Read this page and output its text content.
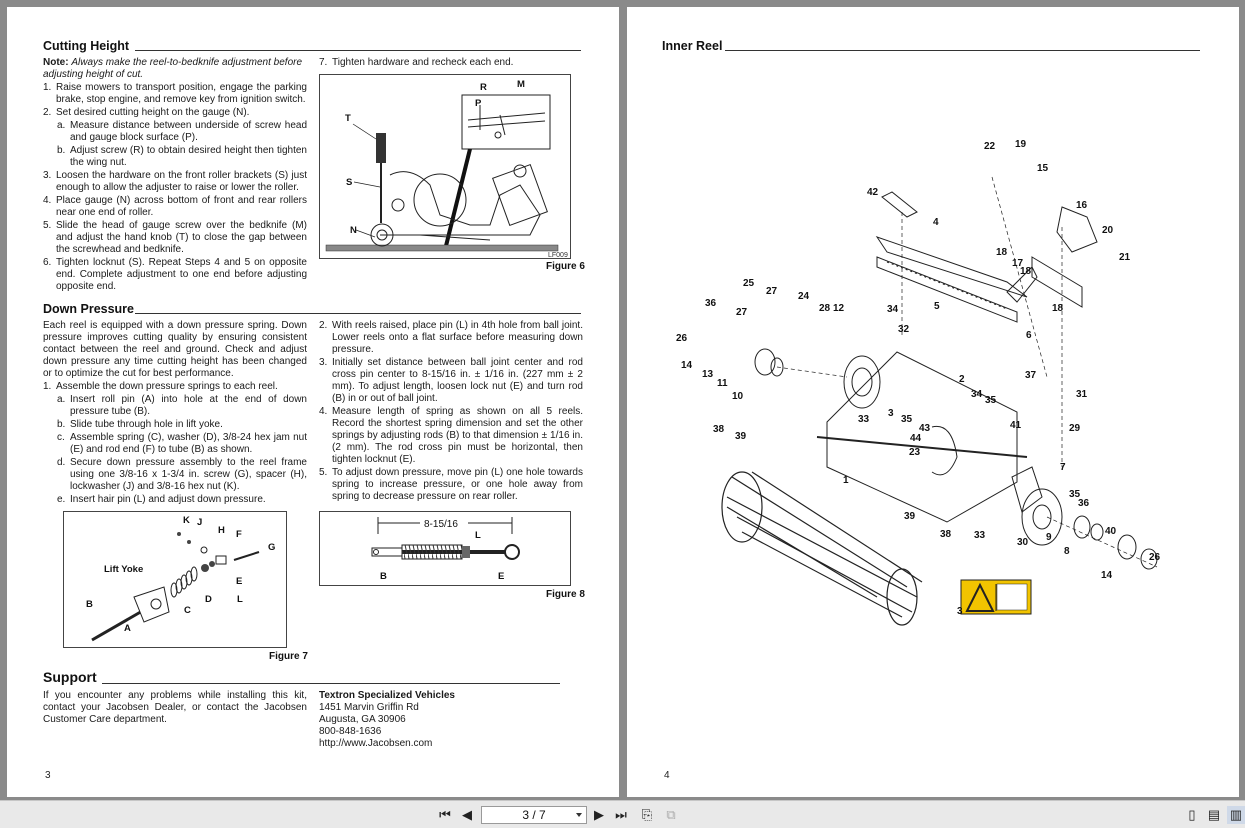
Cutting Height

Note: Always make the reel-to-bedknife adjustment before adjusting height of cut.

1. Raise mowers to transport position, engage the parking brake, stop engine, and remove key from ignition switch.
2. Set desired cutting height on the gauge (N).
a. Measure distance between underside of screw head and gauge block surface (P).
b. Adjust screw (R) to obtain desired height then tighten the wing nut.
3. Loosen the hardware on the front roller brackets (S) just enough to allow the adjuster to raise or lower the roller.
4. Place gauge (N) across bottom of front and rear rollers near one end of roller.
5. Slide the head of gauge screw over the bedknife (M) and adjust the hand knob (T) to close the gap between the screwhead and bedknife.
6. Tighten locknut (S). Repeat Steps 4 and 5 on opposite end. Complete adjustment to one end before adjusting opposite end.
7. Tighten hardware and recheck each end.
R	M
P
T
S
N
LF009
Figure 6
Down Pressure

Each reel is equipped with a down pressure spring. Down pressure improves cutting quality by ensuring consistent contact between the reel and ground. Check and adjust down pressure any time cutting height has been changed or to optimize the cut for best performance.

1. Assemble the down pressure springs to each reel.
a. Insert roll pin (A) into hole at the end of down pressure tube (B).
b. Slide tube through hole in lift yoke.
c. Assemble spring (C), washer (D), 3/8-24 hex jam nut (E) and rod end (F) to tube (B) as shown.
d. Secure down pressure assembly to the reel frame using one 3/8-16 x 1-3/4 in. screw (G), spacer (H), lockwasher (J) and 3/8-16 hex nut (K).
e. Insert hair pin (L) and adjust down pressure.
2. With reels raised, place pin (L) in 4th hole from ball joint. Lower reels onto a flat surface before measuring down pressure.
3. Initially set distance between ball joint center and rod cross pin center to 8-15/16 in. ± 1/16 in. (227 mm ± 2 mm). To adjust length, loosen lock nut (E) and turn rod (B) in or out of ball joint.
4. Measure length of spring as shown on all 5 reels. Record the shortest spring dimension and set the other springs by adjusting rods (B) to that dimension ± 1/16 in. (2 mm). The rod cross pin must be horizontal, then tighten locknut (E).
5. To adjust down pressure, move pin (L) one hole towards spring to increase pressure, or one hole away from spring to decrease pressure on rear roller.
Lift Yoke
K J
H F
G
E
D	L
C
B
A
Figure 7
8-15/16
L
B	E
Figure 8
Support
If you encounter any problems while installing this kit, contact your Jacobsen Dealer, or contact the Jacobsen Customer Care department.
Textron Specialized Vehicles
1451 Marvin Griffin Rd
Augusta, GA 30906
800-848-1636
http://www.Jacobsen.com
3
Inner Reel
22 19
15
16
42
4
20
21
18
17
18
18
5
25
27 24
28 12	34
32
36
27
26	6
14
13
11
10
2	37
34
35
31
38
39
33
3
35
43
44
41	29
23
1
7
35
36
39
38 33
30 9
8
40
26
14
3
4
⏮ ◀	3 / 7	▶ ⏭ ⎘	⧉	▯ ▤ ▥
